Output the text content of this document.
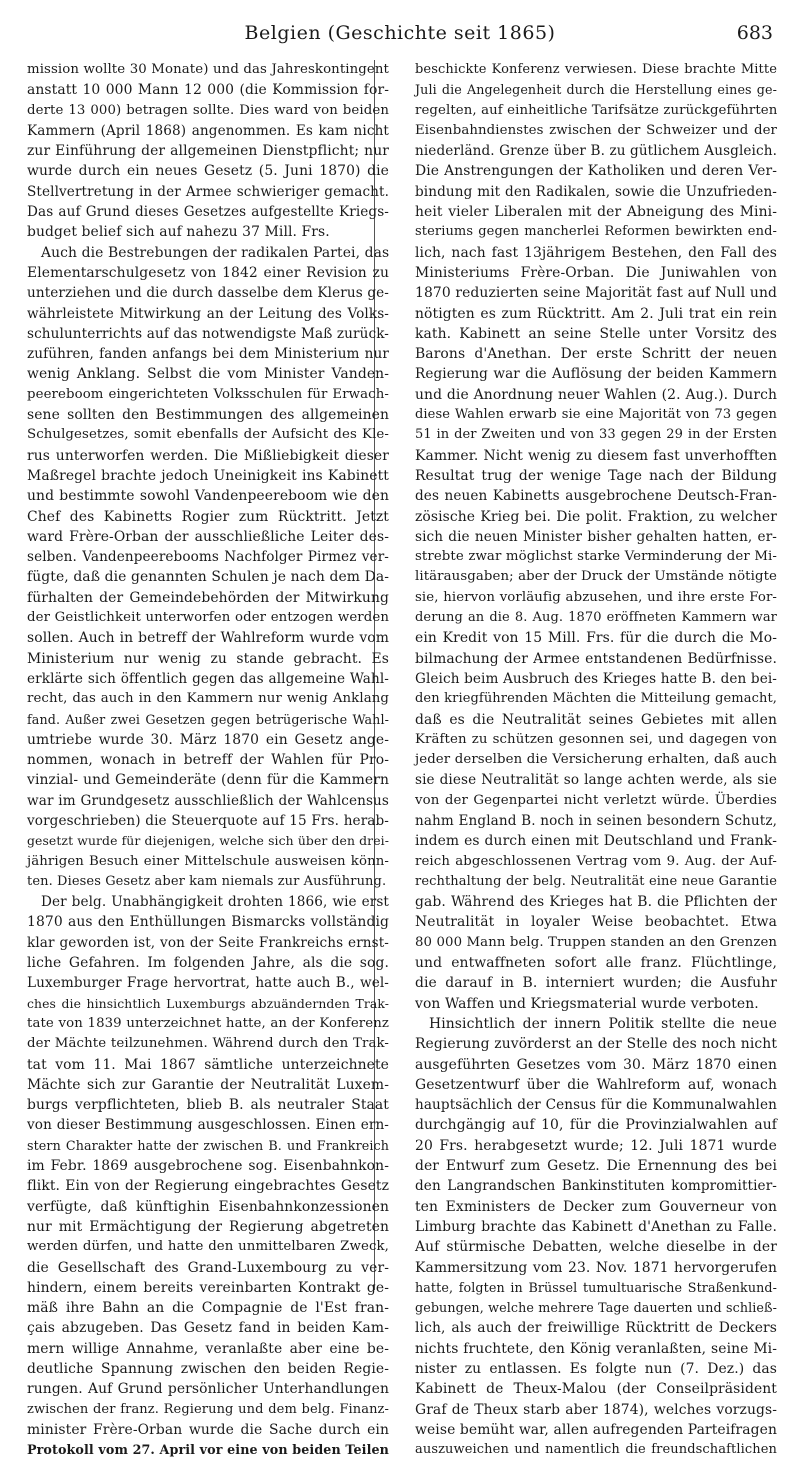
Belgien (Geschichte seit 1865)	683
mission wollte 30 Monate) und das Jahreskontingent
anstatt 10 000 Mann 12 000 (die Kommission for-
derte 13 000) betragen sollte. Dies ward von beiden
Kammern (April 1868) angenommen. Es kam nicht
zur Einführung der allgemeinen Dienstpflicht; nur
wurde durch ein neues Gesetz (5. Juni 1870) die
Stellvertretung in der Armee schwieriger gemacht.
Das auf Grund dieses Gesetzes aufgestellte Kriegs-
budget belief sich auf nahezu 37 Mill. Frs.
Auch die Bestrebungen der radikalen Partei, das
Elementarschulgesetz von 1842 einer Revision zu
unterziehen und die durch dasselbe dem Klerus ge-
währleistete Mitwirkung an der Leitung des Volks-
schulunterrichts auf das notwendigste Maß zurück-
zuführen, fanden anfangs bei dem Ministerium nur
wenig Anklang. Selbst die vom Minister Vanden-
peereboom eingerichteten Volksschulen für Erwach-
sene sollten den Bestimmungen des allgemeinen
Schulgesetzes, somit ebenfalls der Aufsicht des Kle-
rus unterworfen werden. Die Mißliebigkeit dieser
Maßregel brachte jedoch Uneinigkeit ins Kabinett
und bestimmte sowohl Vandenpeereboom wie den
Chef des Kabinetts Rogier zum Rücktritt. Jetzt
ward Frère-Orban der ausschließliche Leiter des-
selben. Vandenpeerebooms Nachfolger Pirmez ver-
fügte, daß die genannten Schulen je nach dem Da-
fürhalten der Gemeindebehörden der Mitwirkung
der Geistlichkeit unterworfen oder entzogen werden
sollen. Auch in betreff der Wahlreform wurde vom
Ministerium nur wenig zu stande gebracht. Es
erklärte sich öffentlich gegen das allgemeine Wahl-
recht, das auch in den Kammern nur wenig Anklang
fand. Außer zwei Gesetzen gegen betrügerische Wahl-
umtriebe wurde 30. März 1870 ein Gesetz ange-
nommen, wonach in betreff der Wahlen für Pro-
vinzial- und Gemeinderäte (denn für die Kammern
war im Grundgesetz ausschließlich der Wahlcensus
vorgeschrieben) die Steuerquote auf 15 Frs. herab-
gesetzt wurde für diejenigen, welche sich über den drei-
jährigen Besuch einer Mittelschule ausweisen könn-
ten. Dieses Gesetz aber kam niemals zur Ausführung.
Der belg. Unabhängigkeit drohten 1866, wie erst
1870 aus den Enthüllungen Bismarcks vollständig
klar geworden ist, von der Seite Frankreichs ernst-
liche Gefahren. Im folgenden Jahre, als die sog.
Luxemburger Frage hervortrat, hatte auch B., wel-
ches die hinsichtlich Luxemburgs abzuändernden Trak-
tate von 1839 unterzeichnet hatte, an der Konferenz
der Mächte teilzunehmen. Während durch den Trak-
tat vom 11. Mai 1867 sämtliche unterzeichnete
Mächte sich zur Garantie der Neutralität Luxem-
burgs verpflichteten, blieb B. als neutraler Staat
von dieser Bestimmung ausgeschlossen. Einen ern-
stern Charakter hatte der zwischen B. und Frankreich
im Febr. 1869 ausgebrochene sog. Eisenbahnkon-
flikt. Ein von der Regierung eingebrachtes Gesetz
verfügte, daß künftighin Eisenbahnkonzessionen
nur mit Ermächtigung der Regierung abgetreten
werden dürfen, und hatte den unmittelbaren Zweck,
die Gesellschaft des Grand-Luxembourg zu ver-
hindern, einem bereits vereinbarten Kontrakt ge-
mäß ihre Bahn an die Compagnie de l'Est fran-
çais abzugeben. Das Gesetz fand in beiden Kam-
mern willige Annahme, veranlaßte aber eine be-
deutliche Spannung zwischen den beiden Regie-
rungen. Auf Grund persönlicher Unterhandlungen
zwischen der franz. Regierung und dem belg. Finanz-
minister Frère-Orban wurde die Sache durch ein
Protokoll vom 27. April vor eine von beiden Teilen
beschickte Konferenz verwiesen. Diese brachte Mitte
Juli die Angelegenheit durch die Herstellung eines ge-
regelten, auf einheitliche Tarifsätze zurückgeführten
Eisenbahndienstes zwischen der Schweizer und der
niederländ. Grenze über B. zu gütlichem Ausgleich.
Die Anstrengungen der Katholiken und deren Ver-
bindung mit den Radikalen, sowie die Unzufrieden-
heit vieler Liberalen mit der Abneigung des Mini-
steriums gegen mancherlei Reformen bewirkten end-
lich, nach fast 13jährigem Bestehen, den Fall des
Ministeriums Frère-Orban. Die Juniwahlen von
1870 reduzierten seine Majorität fast auf Null und
nötigten es zum Rücktritt. Am 2. Juli trat ein rein
kath. Kabinett an seine Stelle unter Vorsitz des
Barons d'Anethan. Der erste Schritt der neuen
Regierung war die Auflösung der beiden Kammern
und die Anordnung neuer Wahlen (2. Aug.). Durch
diese Wahlen erwarb sie eine Majorität von 73 gegen
51 in der Zweiten und von 33 gegen 29 in der Ersten
Kammer. Nicht wenig zu diesem fast unverhofften
Resultat trug der wenige Tage nach der Bildung
des neuen Kabinetts ausgebrochene Deutsch-Fran-
zösische Krieg bei. Die polit. Fraktion, zu welcher
sich die neuen Minister bisher gehalten hatten, er-
strebte zwar möglichst starke Verminderung der Mi-
litärausgaben; aber der Druck der Umstände nötigte
sie, hiervon vorläufig abzusehen, und ihre erste For-
derung an die 8. Aug. 1870 eröffneten Kammern war
ein Kredit von 15 Mill. Frs. für die durch die Mo-
bilmachung der Armee entstandenen Bedürfnisse.
Gleich beim Ausbruch des Krieges hatte B. den bei-
den kriegführenden Mächten die Mitteilung gemacht,
daß es die Neutralität seines Gebietes mit allen
Kräften zu schützen gesonnen sei, und dagegen von
jeder derselben die Versicherung erhalten, daß auch
sie diese Neutralität so lange achten werde, als sie
von der Gegenpartei nicht verletzt würde. Überdies
nahm England B. noch in seinen besondern Schutz,
indem es durch einen mit Deutschland und Frank-
reich abgeschlossenen Vertrag vom 9. Aug. der Auf-
rechthaltung der belg. Neutralität eine neue Garantie
gab. Während des Krieges hat B. die Pflichten der
Neutralität in loyaler Weise beobachtet. Etwa
80 000 Mann belg. Truppen standen an den Grenzen
und entwaffneten sofort alle franz. Flüchtlinge,
die darauf in B. interniert wurden; die Ausfuhr
von Waffen und Kriegsmaterial wurde verboten.
Hinsichtlich der innern Politik stellte die neue
Regierung zuvörderst an der Stelle des noch nicht
ausgeführten Gesetzes vom 30. März 1870 einen
Gesetzentwurf über die Wahlreform auf, wonach
hauptsächlich der Census für die Kommunalwahlen
durchgängig auf 10, für die Provinzialwahlen auf
20 Frs. herabgesetzt wurde; 12. Juli 1871 wurde
der Entwurf zum Gesetz. Die Ernennung des bei
den Langrandschen Bankinstituten kompromittier-
ten Exministers de Decker zum Gouverneur von
Limburg brachte das Kabinett d'Anethan zu Falle.
Auf stürmische Debatten, welche dieselbe in der
Kammersitzung vom 23. Nov. 1871 hervorgerufen
hatte, folgten in Brüssel tumultuarische Straßenkund-
gebungen, welche mehrere Tage dauerten und schließ-
lich, als auch der freiwillige Rücktritt de Deckers
nichts fruchtete, den König veranlaßten, seine Mi-
nister zu entlassen. Es folgte nun (7. Dez.) das
Kabinett de Theux-Malou (der Conseilpräsident
Graf de Theux starb aber 1874), welches vorzugs-
weise bemüht war, allen aufregenden Parteifragen
auszuweichen und namentlich die freundschaftlichen
